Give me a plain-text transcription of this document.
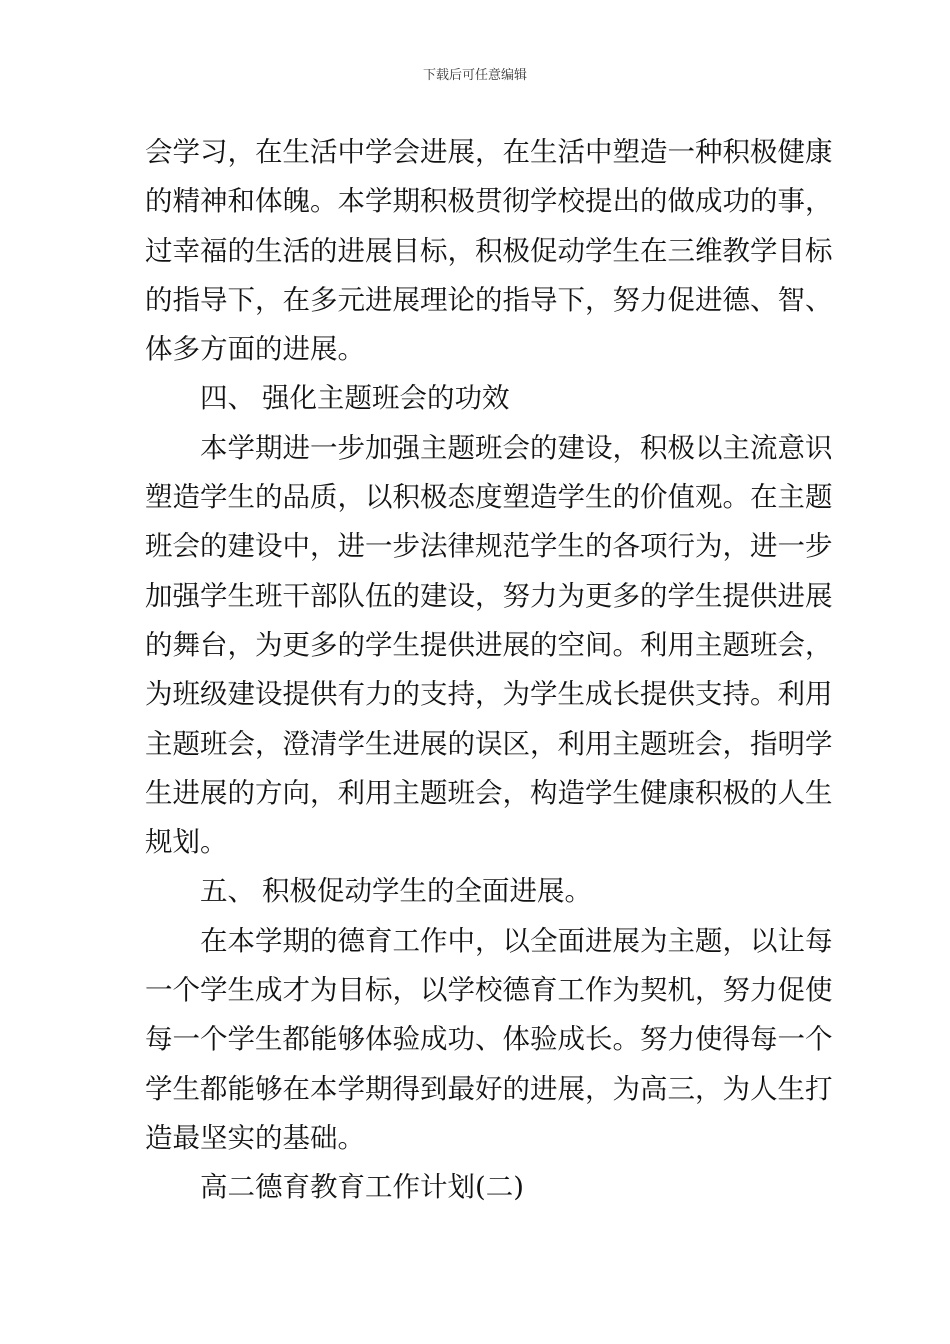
下载后可任意编辑
会学习，在生活中学会进展，在生活中塑造一种积极健康
的精神和体魄。本学期积极贯彻学校提出的做成功的事，
过幸福的生活的进展目标，积极促动学生在三维教学目标
的指导下，在多元进展理论的指导下，努力促进德、智、
体多方面的进展。
四、 强化主题班会的功效
本学期进一步加强主题班会的建设，积极以主流意识
塑造学生的品质，以积极态度塑造学生的价值观。在主题
班会的建设中，进一步法律规范学生的各项行为，进一步
加强学生班干部队伍的建设，努力为更多的学生提供进展
的舞台，为更多的学生提供进展的空间。利用主题班会，
为班级建设提供有力的支持，为学生成长提供支持。利用
主题班会，澄清学生进展的误区，利用主题班会，指明学
生进展的方向，利用主题班会，构造学生健康积极的人生
规划。
五、 积极促动学生的全面进展。
在本学期的德育工作中，以全面进展为主题，以让每
一个学生成才为目标，以学校德育工作为契机，努力促使
每一个学生都能够体验成功、体验成长。努力使得每一个
学生都能够在本学期得到最好的进展，为高三，为人生打
造最坚实的基础。
高二德育教育工作计划(二)
